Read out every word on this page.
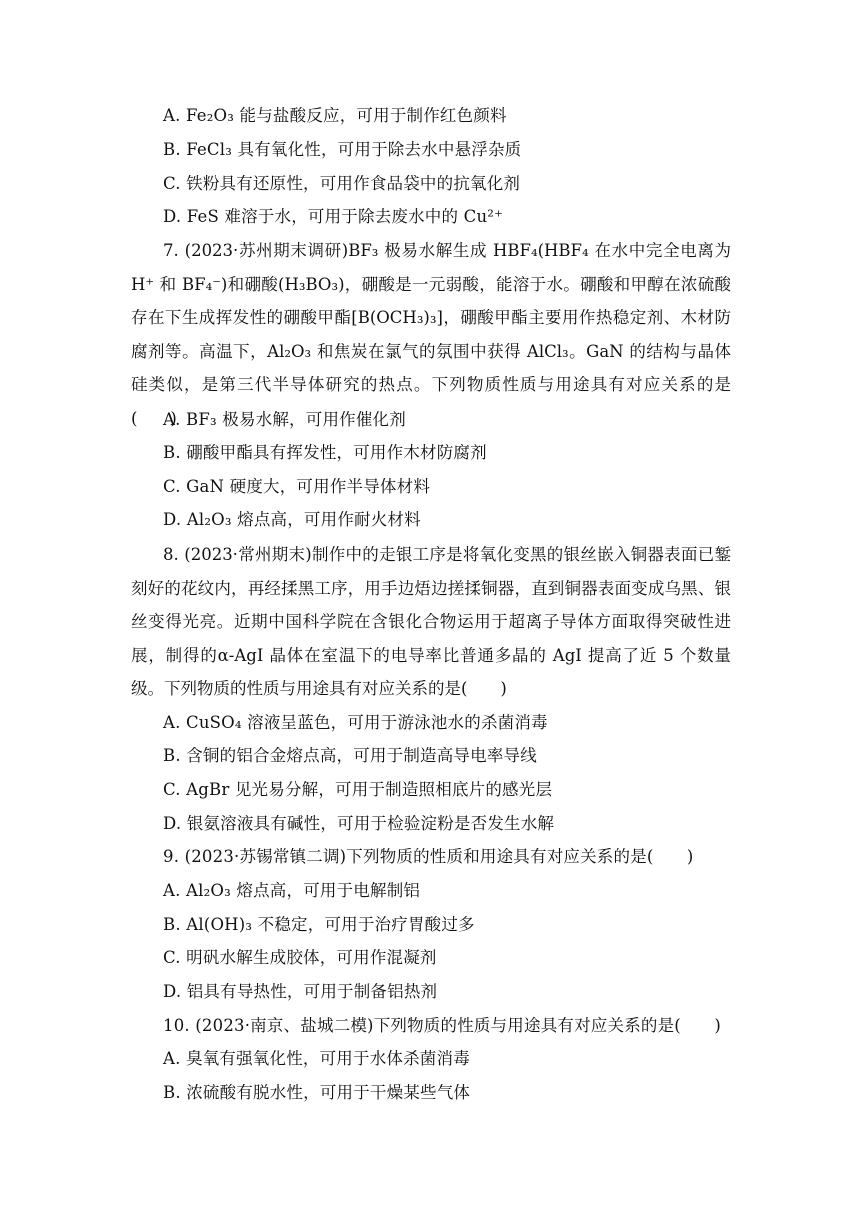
A. Fe₂O₃ 能与盐酸反应，可用于制作红色颜料
B. FeCl₃ 具有氧化性，可用于除去水中悬浮杂质
C. 铁粉具有还原性，可用作食品袋中的抗氧化剂
D. FeS 难溶于水，可用于除去废水中的 Cu²⁺
7. (2023·苏州期末调研)BF₃ 极易水解生成 HBF₄(HBF₄ 在水中完全电离为 H⁺ 和 BF₄⁻)和硼酸(H₃BO₃)，硼酸是一元弱酸，能溶于水。硼酸和甲醇在浓硫酸存在下生成挥发性的硼酸甲酯[B(OCH₃)₃]，硼酸甲酯主要用作热稳定剂、木材防腐剂等。高温下，Al₂O₃ 和焦炭在氯气的氛围中获得 AlCl₃。GaN 的结构与晶体硅类似，是第三代半导体研究的热点。下列物质性质与用途具有对应关系的是(　　)
A. BF₃ 极易水解，可用作催化剂
B. 硼酸甲酯具有挥发性，可用作木材防腐剂
C. GaN 硬度大，可用作半导体材料
D. Al₂O₃ 熔点高，可用作耐火材料
8. (2023·常州期末)制作中的走银工序是将氧化变黑的银丝嵌入铜器表面已錾刻好的花纹内，再经揉黑工序，用手边焐边搓揉铜器，直到铜器表面变成乌黑、银丝变得光亮。近期中国科学院在含银化合物运用于超离子导体方面取得突破性进展，制得的α-AgI 晶体在室温下的电导率比普通多晶的 AgI 提高了近 5 个数量级。下列物质的性质与用途具有对应关系的是(　　)
A. CuSO₄ 溶液呈蓝色，可用于游泳池水的杀菌消毒
B. 含铜的铝合金熔点高，可用于制造高导电率导线
C. AgBr 见光易分解，可用于制造照相底片的感光层
D. 银氨溶液具有碱性，可用于检验淀粉是否发生水解
9. (2023·苏锡常镇二调)下列物质的性质和用途具有对应关系的是(　　)
A. Al₂O₃ 熔点高，可用于电解制铝
B. Al(OH)₃ 不稳定，可用于治疗胃酸过多
C. 明矾水解生成胶体，可用作混凝剂
D. 铝具有导热性，可用于制备铝热剂
10. (2023·南京、盐城二模)下列物质的性质与用途具有对应关系的是(　　)
A. 臭氧有强氧化性，可用于水体杀菌消毒
B. 浓硫酸有脱水性，可用于干燥某些气体
